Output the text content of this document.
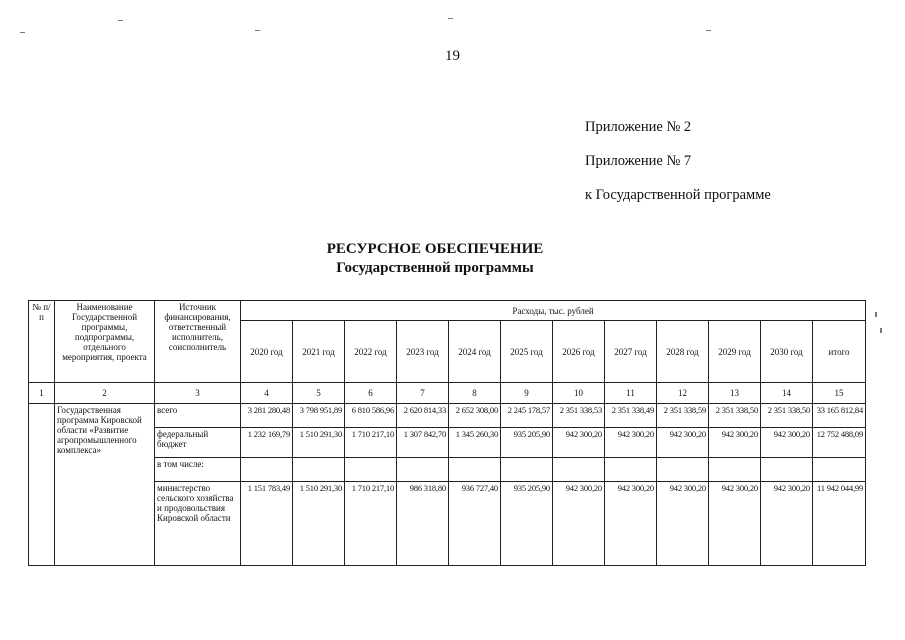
19
Приложение № 2
Приложение № 7
к Государственной программе
РЕСУРСНОЕ ОБЕСПЕЧЕНИЕ
Государственной программы
№ п/п	Наименование Государственной программы, подпрограммы, отдельного мероприятия, проекта	Источник финансирования, ответственный исполнитель, соисполнитель	Расходы, тыс. рублей											
			2020 год	2021 год	2022 год	2023 год	2024 год	2025 год	2026 год	2027 год	2028 год	2029 год	2030 год	итого
1	2	3	4	5	6	7	8	9	10	11	12	13	14	15
	Государственная программа Кировской области «Развитие агропромышленного комплекса»	всего	3 281 280,48	3 798 951,89	6 810 586,96	2 620 814,33	2 652 308,00	2 245 178,57	2 351 338,53	2 351 338,49	2 351 338,59	2 351 338,50	2 351 338,50	33 165 812,84
		федеральный бюджет	1 232 169,79	1 510 291,30	1 710 217,10	1 307 842,70	1 345 260,30	935 205,90	942 300,20	942 300,20	942 300,20	942 300,20	942 300,20	12 752 488,09
		в том числе:												
		министерство сельского хозяйства и продовольствия Кировской области	1 151 783,49	1 510 291,30	1 710 217,10	986 318,80	936 727,40	935 205,90	942 300,20	942 300,20	942 300,20	942 300,20	942 300,20	11 942 044,99
